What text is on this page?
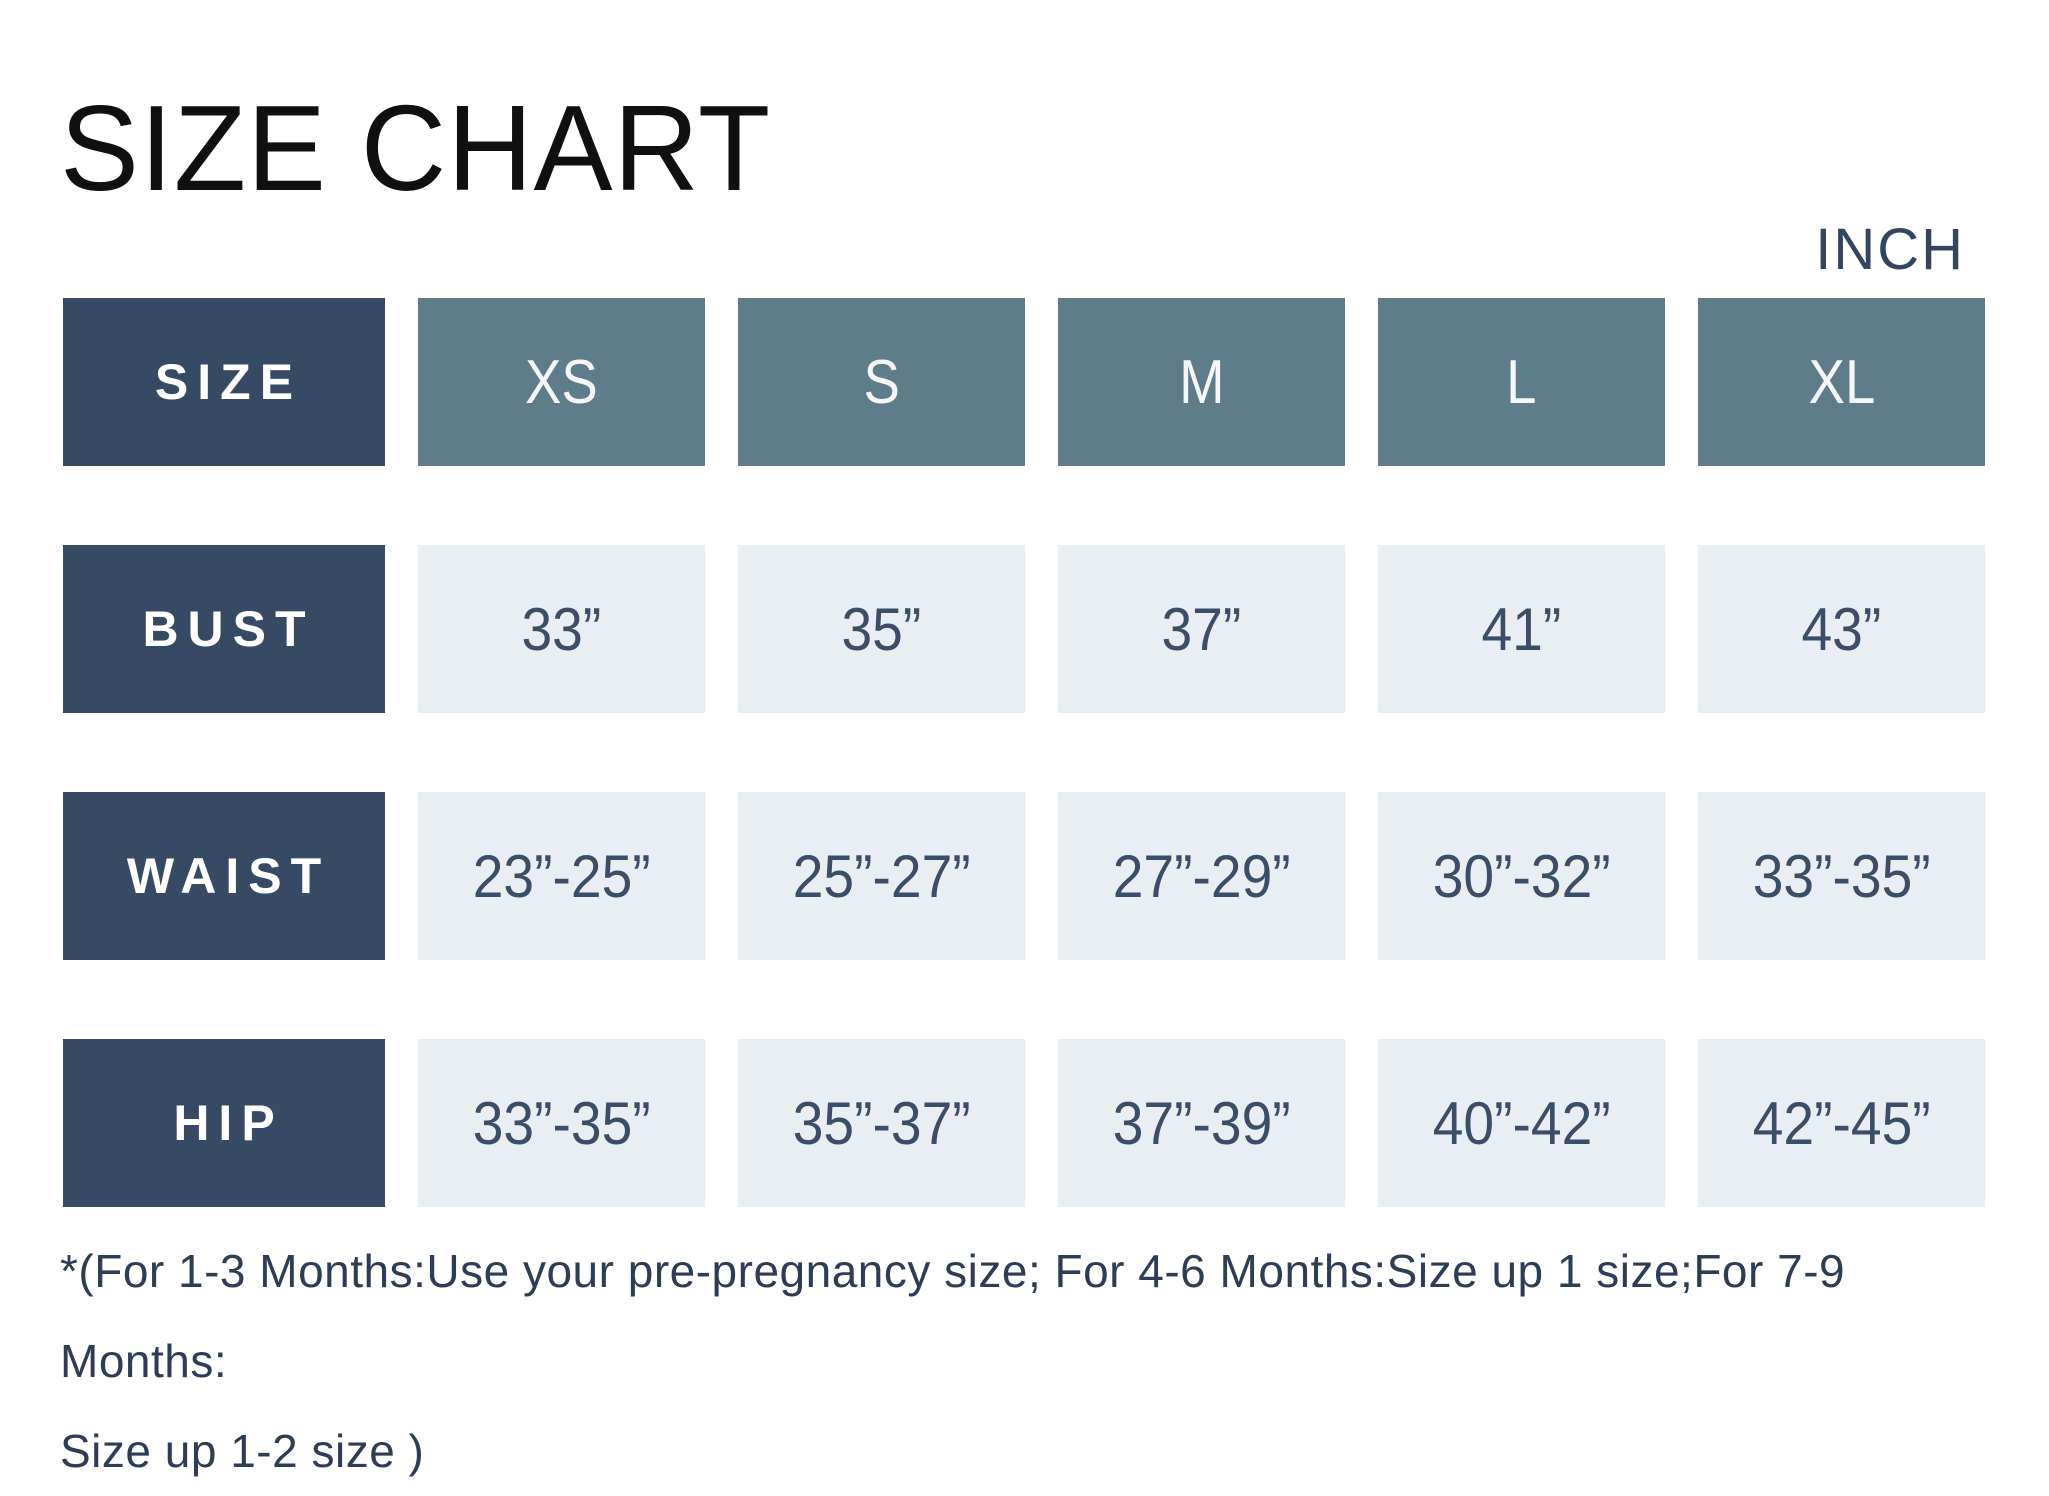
SIZE CHART
INCH
SIZE	XS	S	M	L	XL
BUST	33”	35”	37”	41”	43”
WAIST 23”-25” 25”-27” 27”-29” 30”-32” 33”-35”
HIP	33”-35” 35”-37” 37”-39” 40”-42” 42”-45”
*(For 1-3 Months:Use your pre-pregnancy size; For 4-6 Months:Size up 1 size;For 7-9 Months:
Size up 1-2 size )
